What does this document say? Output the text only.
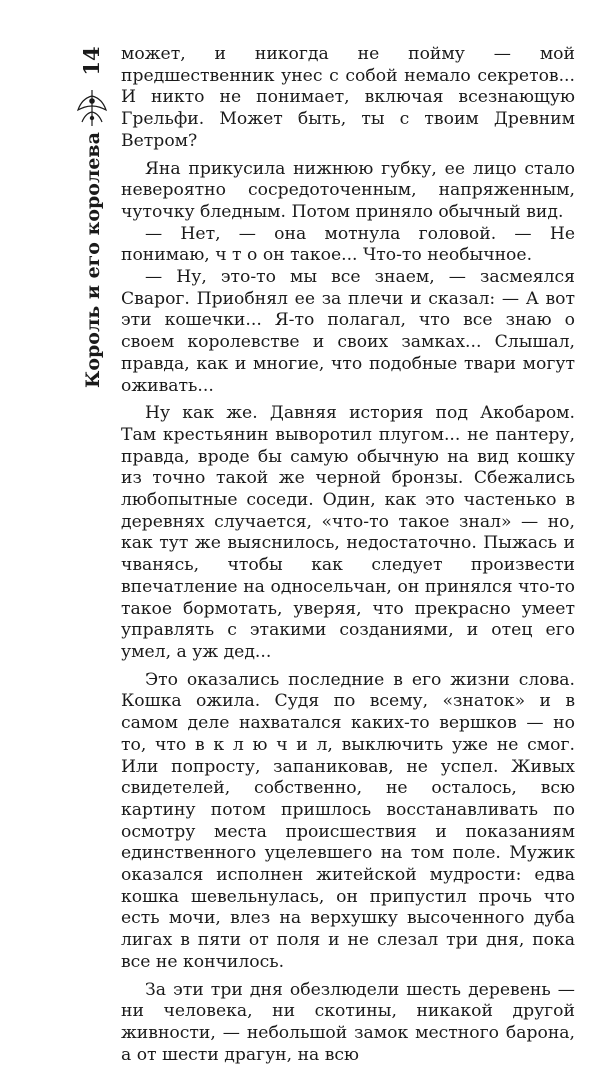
14
Король и его королева

может, и никогда не пойму — мой предшественник унес с собой немало секретов... И никто не понимает, включая всезнающую Грельфи. Может быть, ты с твоим Древним Ветром?

Яна прикусила нижнюю губку, ее лицо стало невероятно сосредоточенным, напряженным, чуточку бледным. Потом приняло обычный вид.

— Нет, — она мотнула головой. — Не понимаю, ч т о он такое... Что-то необычное.

— Ну, это-то мы все знаем, — засмеялся Сварог. Приобнял ее за плечи и сказал: — А вот эти кошечки... Я-то полагал, что все знаю о своем королевстве и своих замках... Слышал, правда, как и многие, что подобные твари могут оживать...

Ну как же. Давняя история под Акобаром. Там крестьянин выворотил плугом... не пантеру, правда, вроде бы самую обычную на вид кошку из точно такой же черной бронзы. Сбежались любопытные соседи. Один, как это частенько в деревнях случается, «что-то такое знал» — но, как тут же выяснилось, недостаточно. Пыжась и чванясь, чтобы как следует произвести впечатление на односельчан, он принялся что-то такое бормотать, уверяя, что прекрасно умеет управлять с этакими созданиями, и отец его умел, а уж дед...

Это оказались последние в его жизни слова. Кошка ожила. Судя по всему, «знаток» и в самом деле нахватался каких-то вершков — но то, что в к л ю ч и л, выключить уже не смог. Или попросту, запаниковав, не успел. Живых свидетелей, собственно, не осталось, всю картину потом пришлось восстанавливать по осмотру места происшествия и показаниям единственного уцелевшего на том поле. Мужик оказался исполнен житейской мудрости: едва кошка шевельнулась, он припустил прочь что есть мочи, влез на верхушку высоченного дуба лигах в пяти от поля и не слезал три дня, пока все не кончилось.

За эти три дня обезлюдели шесть деревень — ни человека, ни скотины, никакой другой живности, — небольшой замок местного барона, а от шести драгун, на всю
